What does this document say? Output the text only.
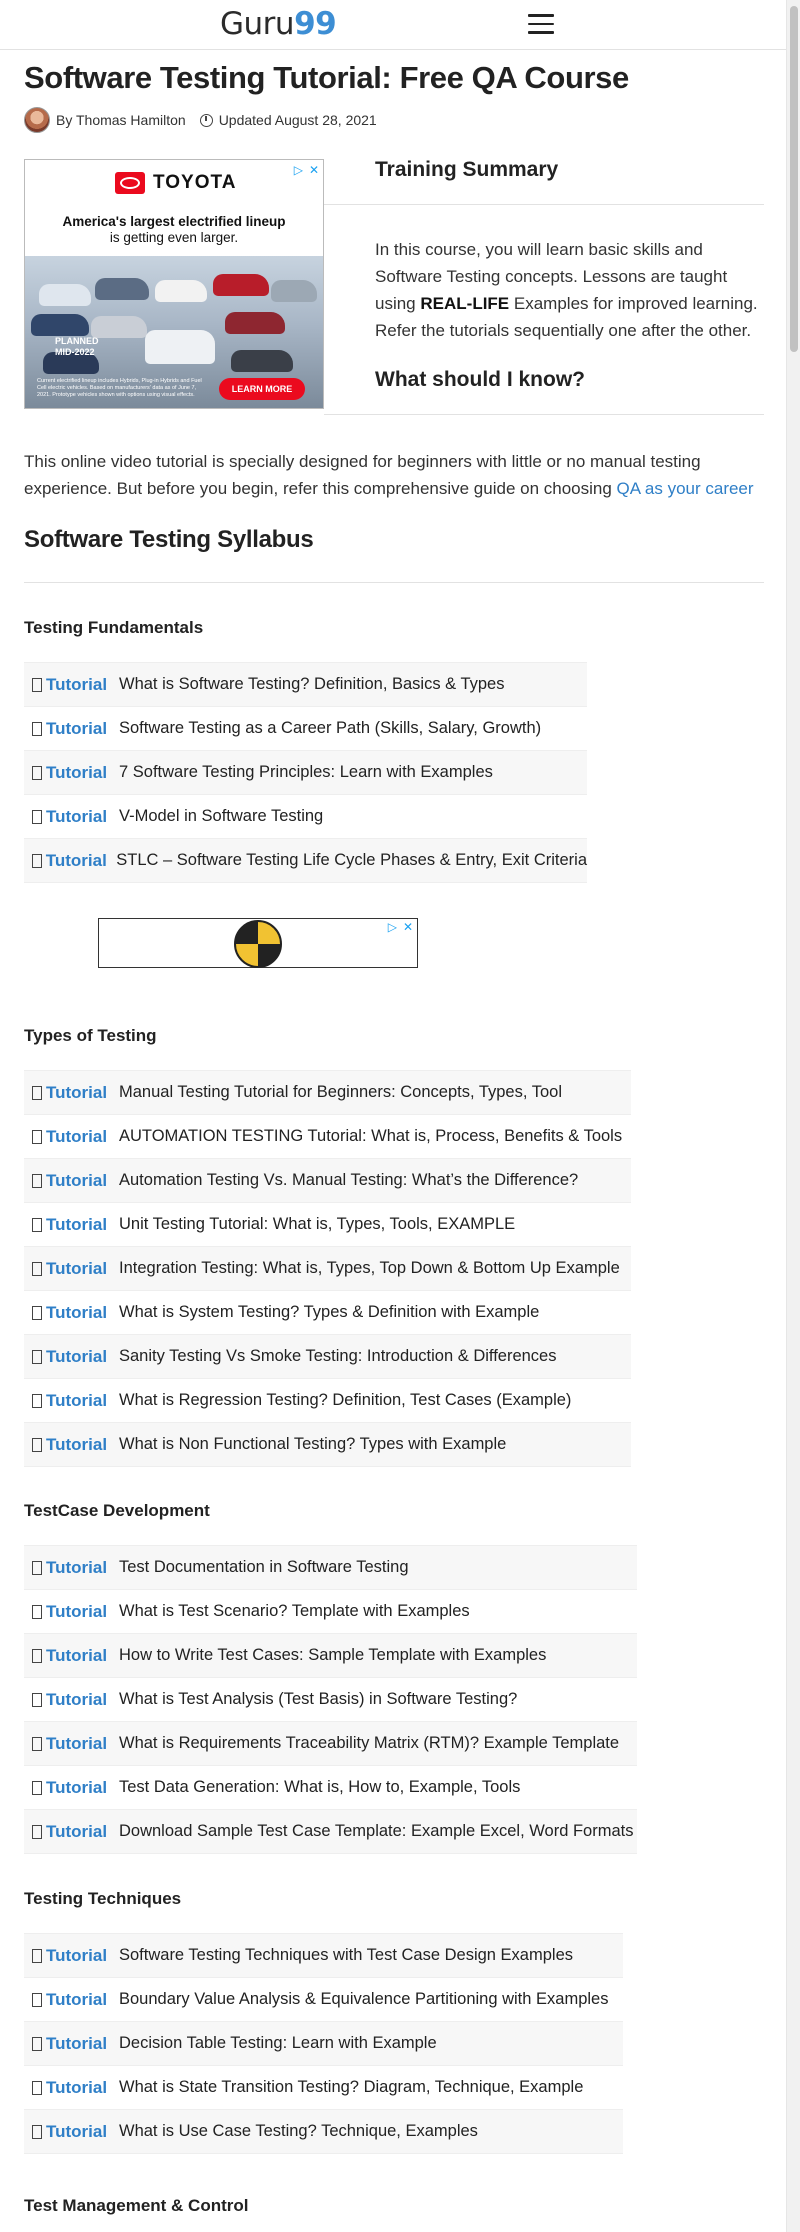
Guru99
Software Testing Tutorial: Free QA Course
By Thomas Hamilton Updated August 28, 2021
▷ ✕
TOYOTA
America's largest electrified lineup
is getting even larger.
PLANNED
MID-2022
Current electrified lineup includes Hybrids, Plug-in Hybrids and Fuel Cell electric vehicles. Based on manufacturers' data as of June 7, 2021. Prototype vehicles shown with options using visual effects.
LEARN MORE
Training Summary

In this course, you will learn basic skills and Software Testing concepts. Lessons are taught using REAL-LIFE Examples for improved learning. Refer the tutorials sequentially one after the other.

What should I know?

This online video tutorial is specially designed for beginners with little or no manual testing experience. But before you begin, refer this comprehensive guide on choosing QA as your career

Software Testing Syllabus
Testing Fundamentals
Tutorial What is Software Testing? Definition, Basics & Types
Tutorial Software Testing as a Career Path (Skills, Salary, Growth)
Tutorial 7 Software Testing Principles: Learn with Examples
Tutorial V-Model in Software Testing
Tutorial STLC – Software Testing Life Cycle Phases & Entry, Exit Criteria
▷ ✕
Types of Testing
Tutorial Manual Testing Tutorial for Beginners: Concepts, Types, Tool
Tutorial AUTOMATION TESTING Tutorial: What is, Process, Benefits & Tools
Tutorial Automation Testing Vs. Manual Testing: What’s the Difference?
Tutorial Unit Testing Tutorial: What is, Types, Tools, EXAMPLE
Tutorial Integration Testing: What is, Types, Top Down & Bottom Up Example
Tutorial What is System Testing? Types & Definition with Example
Tutorial Sanity Testing Vs Smoke Testing: Introduction & Differences
Tutorial What is Regression Testing? Definition, Test Cases (Example)
Tutorial What is Non Functional Testing? Types with Example
TestCase Development
Tutorial Test Documentation in Software Testing
Tutorial What is Test Scenario? Template with Examples
Tutorial How to Write Test Cases: Sample Template with Examples
Tutorial What is Test Analysis (Test Basis) in Software Testing?
Tutorial What is Requirements Traceability Matrix (RTM)? Example Template
Tutorial Test Data Generation: What is, How to, Example, Tools
Tutorial Download Sample Test Case Template: Example Excel, Word Formats
Testing Techniques
Tutorial Software Testing Techniques with Test Case Design Examples
Tutorial Boundary Value Analysis & Equivalence Partitioning with Examples
Tutorial Decision Table Testing: Learn with Example
Tutorial What is State Transition Testing? Diagram, Technique, Example
Tutorial What is Use Case Testing? Technique, Examples
Test Management & Control
